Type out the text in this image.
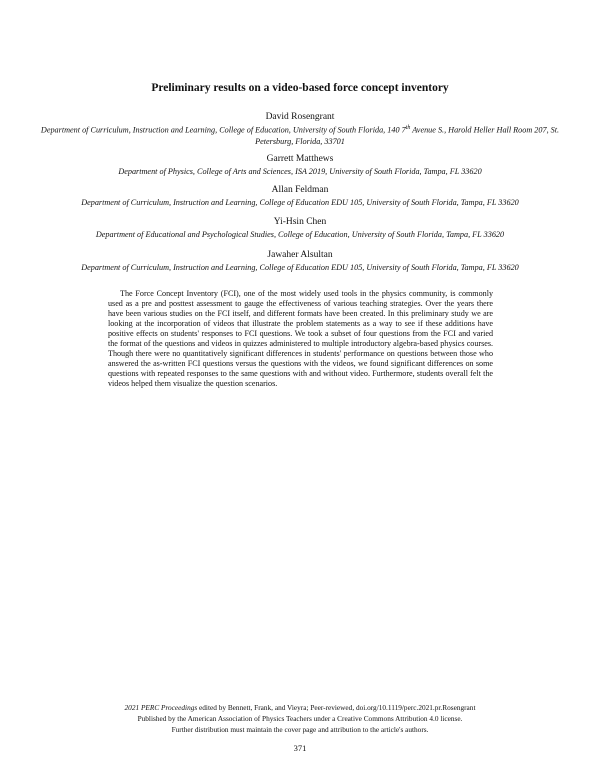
Preliminary results on a video-based force concept inventory
David Rosengrant
Department of Curriculum, Instruction and Learning, College of Education, University of South Florida, 140 7th Avenue S., Harold Heller Hall Room 207, St. Petersburg, Florida, 33701
Garrett Matthews
Department of Physics, College of Arts and Sciences, ISA 2019, University of South Florida, Tampa, FL 33620
Allan Feldman
Department of Curriculum, Instruction and Learning, College of Education EDU 105, University of South Florida, Tampa, FL 33620
Yi-Hsin Chen
Department of Educational and Psychological Studies, College of Education, University of South Florida, Tampa, FL 33620
Jawaher Alsultan
Department of Curriculum, Instruction and Learning, College of Education EDU 105, University of South Florida, Tampa, FL 33620
The Force Concept Inventory (FCI), one of the most widely used tools in the physics community, is commonly used as a pre and posttest assessment to gauge the effectiveness of various teaching strategies. Over the years there have been various studies on the FCI itself, and different formats have been created. In this preliminary study we are looking at the incorporation of videos that illustrate the problem statements as a way to see if these additions have positive effects on students' responses to FCI questions. We took a subset of four questions from the FCI and varied the format of the questions and videos in quizzes administered to multiple introductory algebra-based physics courses. Though there were no quantitatively significant differences in students' performance on questions between those who answered the as-written FCI questions versus the questions with the videos, we found significant differences on some questions with repeated responses to the same questions with and without video. Furthermore, students overall felt the videos helped them visualize the question scenarios.
2021 PERC Proceedings edited by Bennett, Frank, and Vieyra; Peer-reviewed, doi.org/10.1119/perc.2021.pr.Rosengrant
Published by the American Association of Physics Teachers under a Creative Commons Attribution 4.0 license.
Further distribution must maintain the cover page and attribution to the article's authors.
371
